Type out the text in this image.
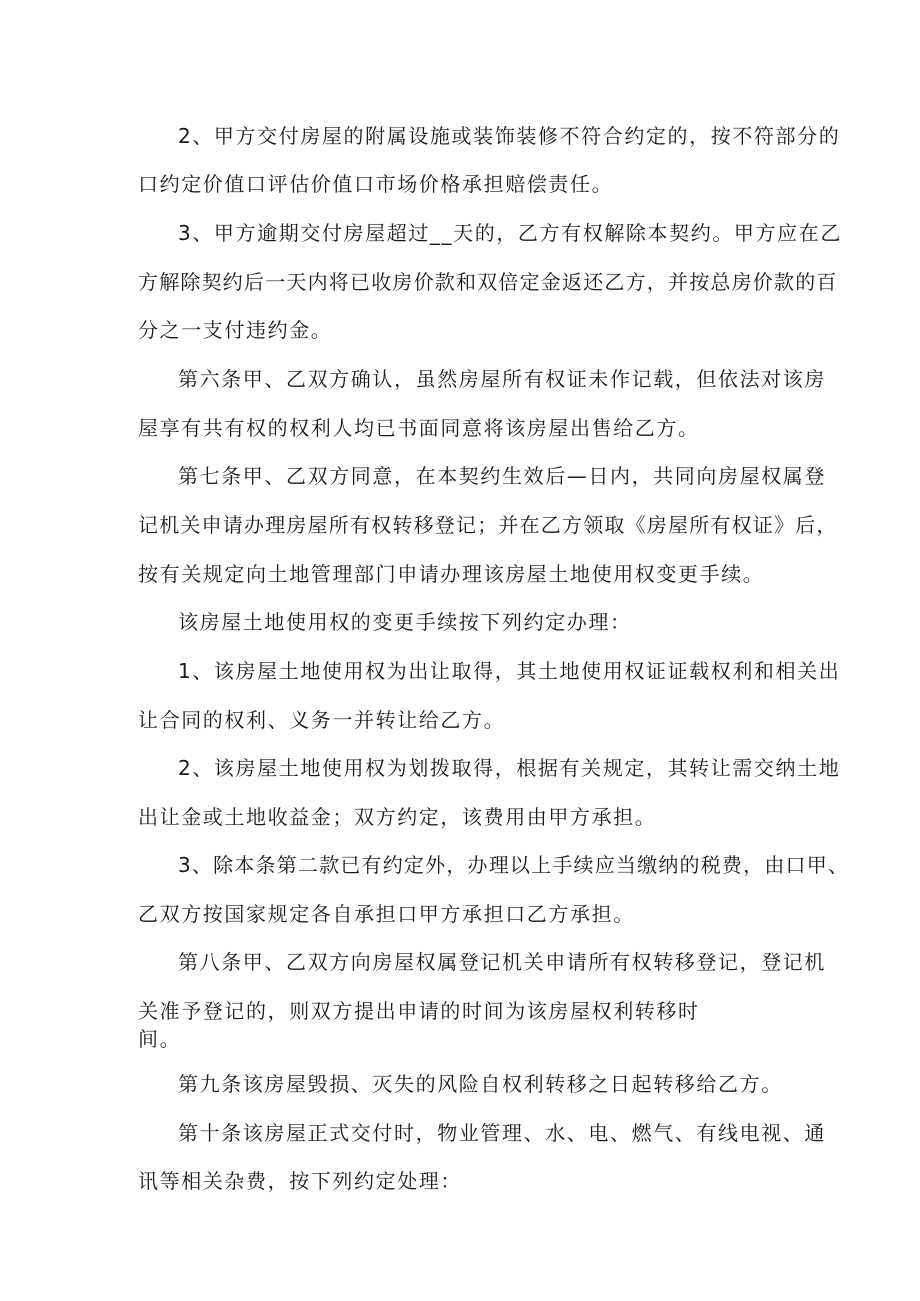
2、甲方交付房屋的附属设施或装饰装修不符合约定的，按不符部分的
口约定价值口评估价值口市场价格承担赔偿责任。
3、甲方逾期交付房屋超过__天的，乙方有权解除本契约。甲方应在乙
方解除契约后一天内将已收房价款和双倍定金返还乙方，并按总房价款的百
分之一支付违约金。
第六条甲、乙双方确认，虽然房屋所有权证未作记载，但依法对该房
屋享有共有权的权利人均已书面同意将该房屋出售给乙方。
第七条甲、乙双方同意，在本契约生效后—日内，共同向房屋权属登
记机关申请办理房屋所有权转移登记；并在乙方领取《房屋所有权证》后，
按有关规定向土地管理部门申请办理该房屋土地使用权变更手续。
该房屋土地使用权的变更手续按下列约定办理：
1、该房屋土地使用权为出让取得，其土地使用权证证载权利和相关出
让合同的权利、义务一并转让给乙方。
2、该房屋土地使用权为划拨取得，根据有关规定，其转让需交纳土地
出让金或土地收益金；双方约定，该费用由甲方承担。
3、除本条第二款已有约定外，办理以上手续应当缴纳的税费，由口甲、
乙双方按国家规定各自承担口甲方承担口乙方承担。
第八条甲、乙双方向房屋权属登记机关申请所有权转移登记，登记机
关准予登记的，则双方提出申请的时间为该房屋权利转移时
间。
第九条该房屋毁损、灭失的风险自权利转移之日起转移给乙方。
第十条该房屋正式交付时，物业管理、水、电、燃气、有线电视、通
讯等相关杂费，按下列约定处理：
